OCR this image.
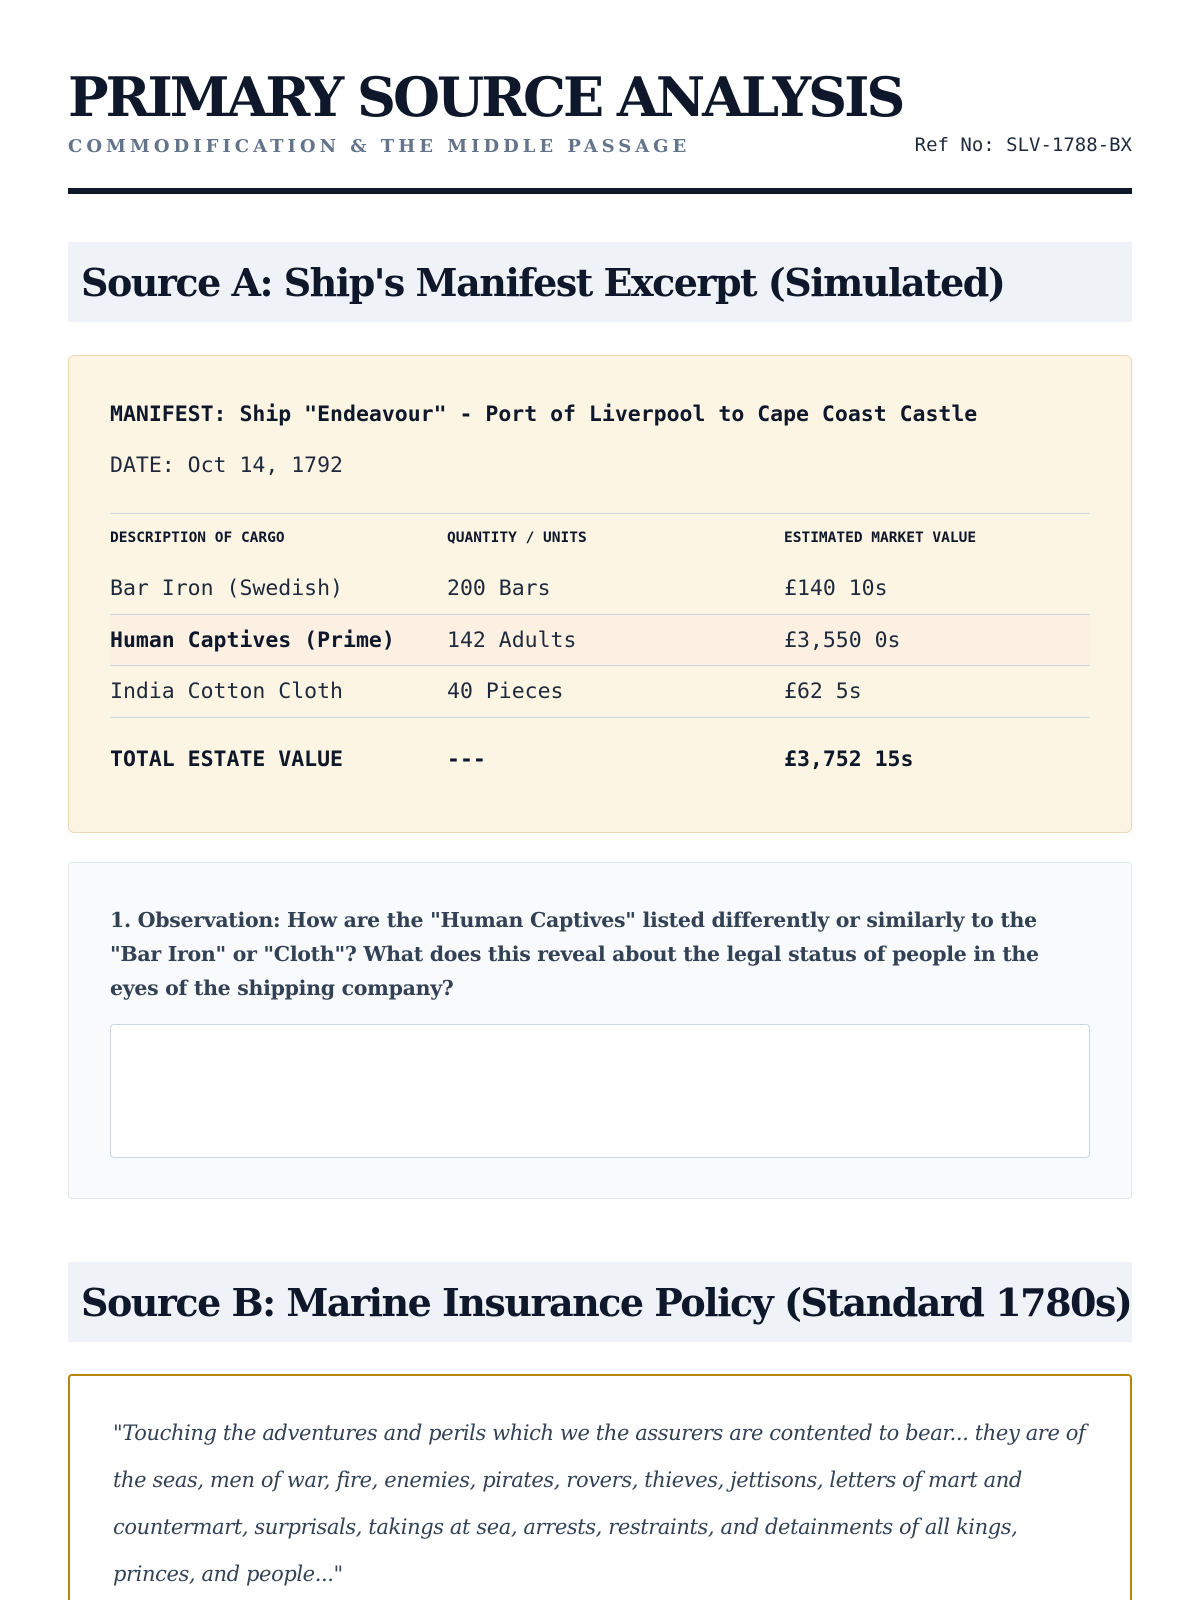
PRIMARY SOURCE ANALYSIS
COMMODIFICATION & THE MIDDLE PASSAGE	Ref No: SLV-1788-BX
Source A: Ship's Manifest Excerpt (Simulated)
MANIFEST: Ship "Endeavour" - Port of Liverpool to Cape Coast Castle
DATE: Oct 14, 1792
DESCRIPTION OF CARGO	QUANTITY / UNITS	ESTIMATED MARKET VALUE
Bar Iron (Swedish)	200 Bars	£140 10s
Human Captives (Prime)	142 Adults	£3,550 0s
India Cotton Cloth	40 Pieces	£62 5s
TOTAL ESTATE VALUE	---	£3,752 15s
1. Observation: How are the "Human Captives" listed differently or similarly to the "Bar Iron" or "Cloth"? What does this reveal about the legal status of people in the eyes of the shipping company?
Source B: Marine Insurance Policy (Standard 1780s)
"Touching the adventures and perils which we the assurers are contented to bear... they are of the seas, men of war, fire, enemies, pirates, rovers, thieves, jettisons, letters of mart and countermart, surprisals, takings at sea, arrests, restraints, and detainments of all kings, princes, and people..."
